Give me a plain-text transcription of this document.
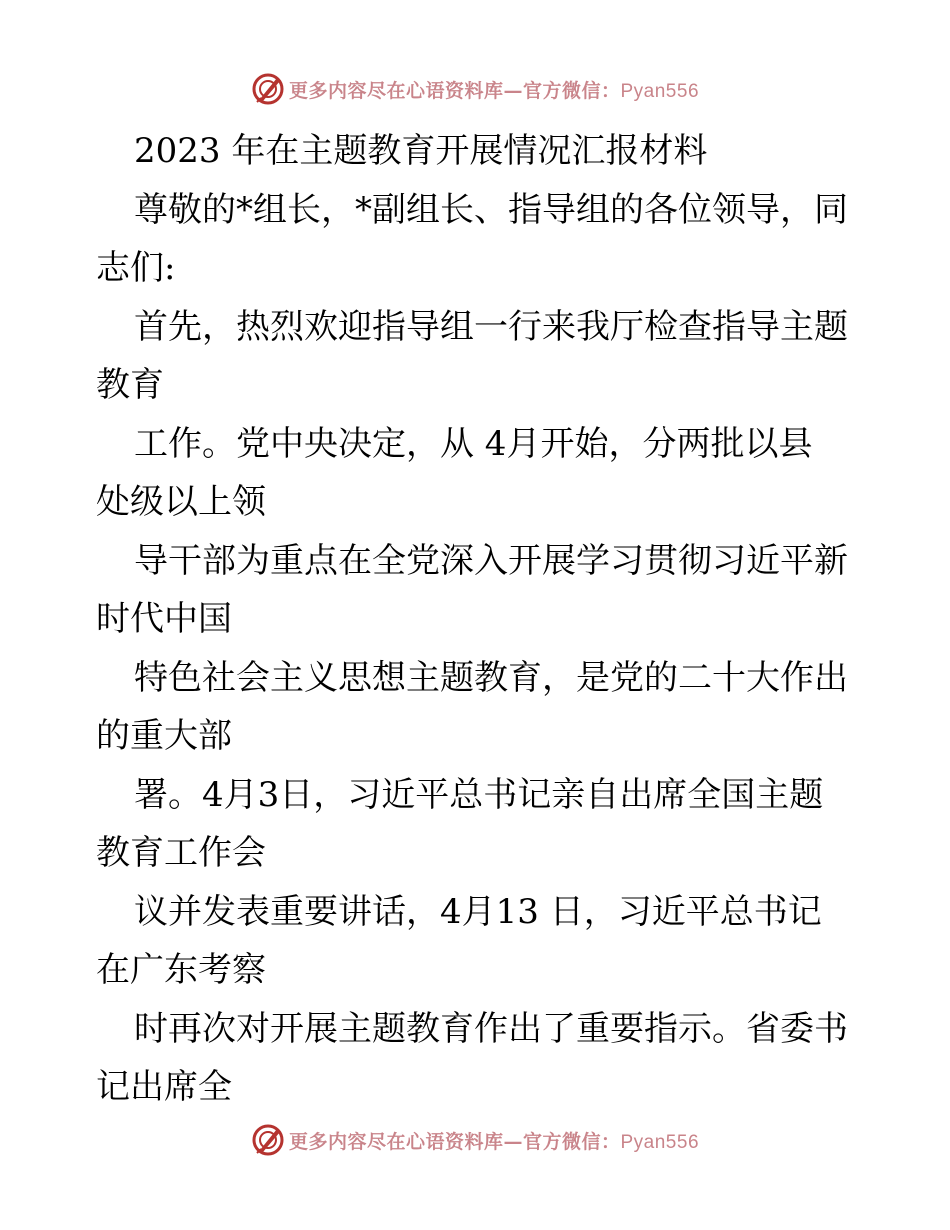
更多内容尽在心语资料库—官方微信：Pyan556
2023 年在主题教育开展情况汇报材料
尊敬的*组长，*副组长、指导组的各位领导，同
志们:
首先，热烈欢迎指导组一行来我厅检查指导主题
教育
工作。党中央决定，从 4月开始，分两批以县
处级以上领
导干部为重点在全党深入开展学习贯彻习近平新
时代中国
特色社会主义思想主题教育，是党的二十大作出
的重大部
署。4月3日，习近平总书记亲自出席全国主题
教育工作会
议并发表重要讲话，4月13 日，习近平总书记
在广东考察
时再次对开展主题教育作出了重要指示。省委书
记出席全
更多内容尽在心语资料库—官方微信：Pyan556
